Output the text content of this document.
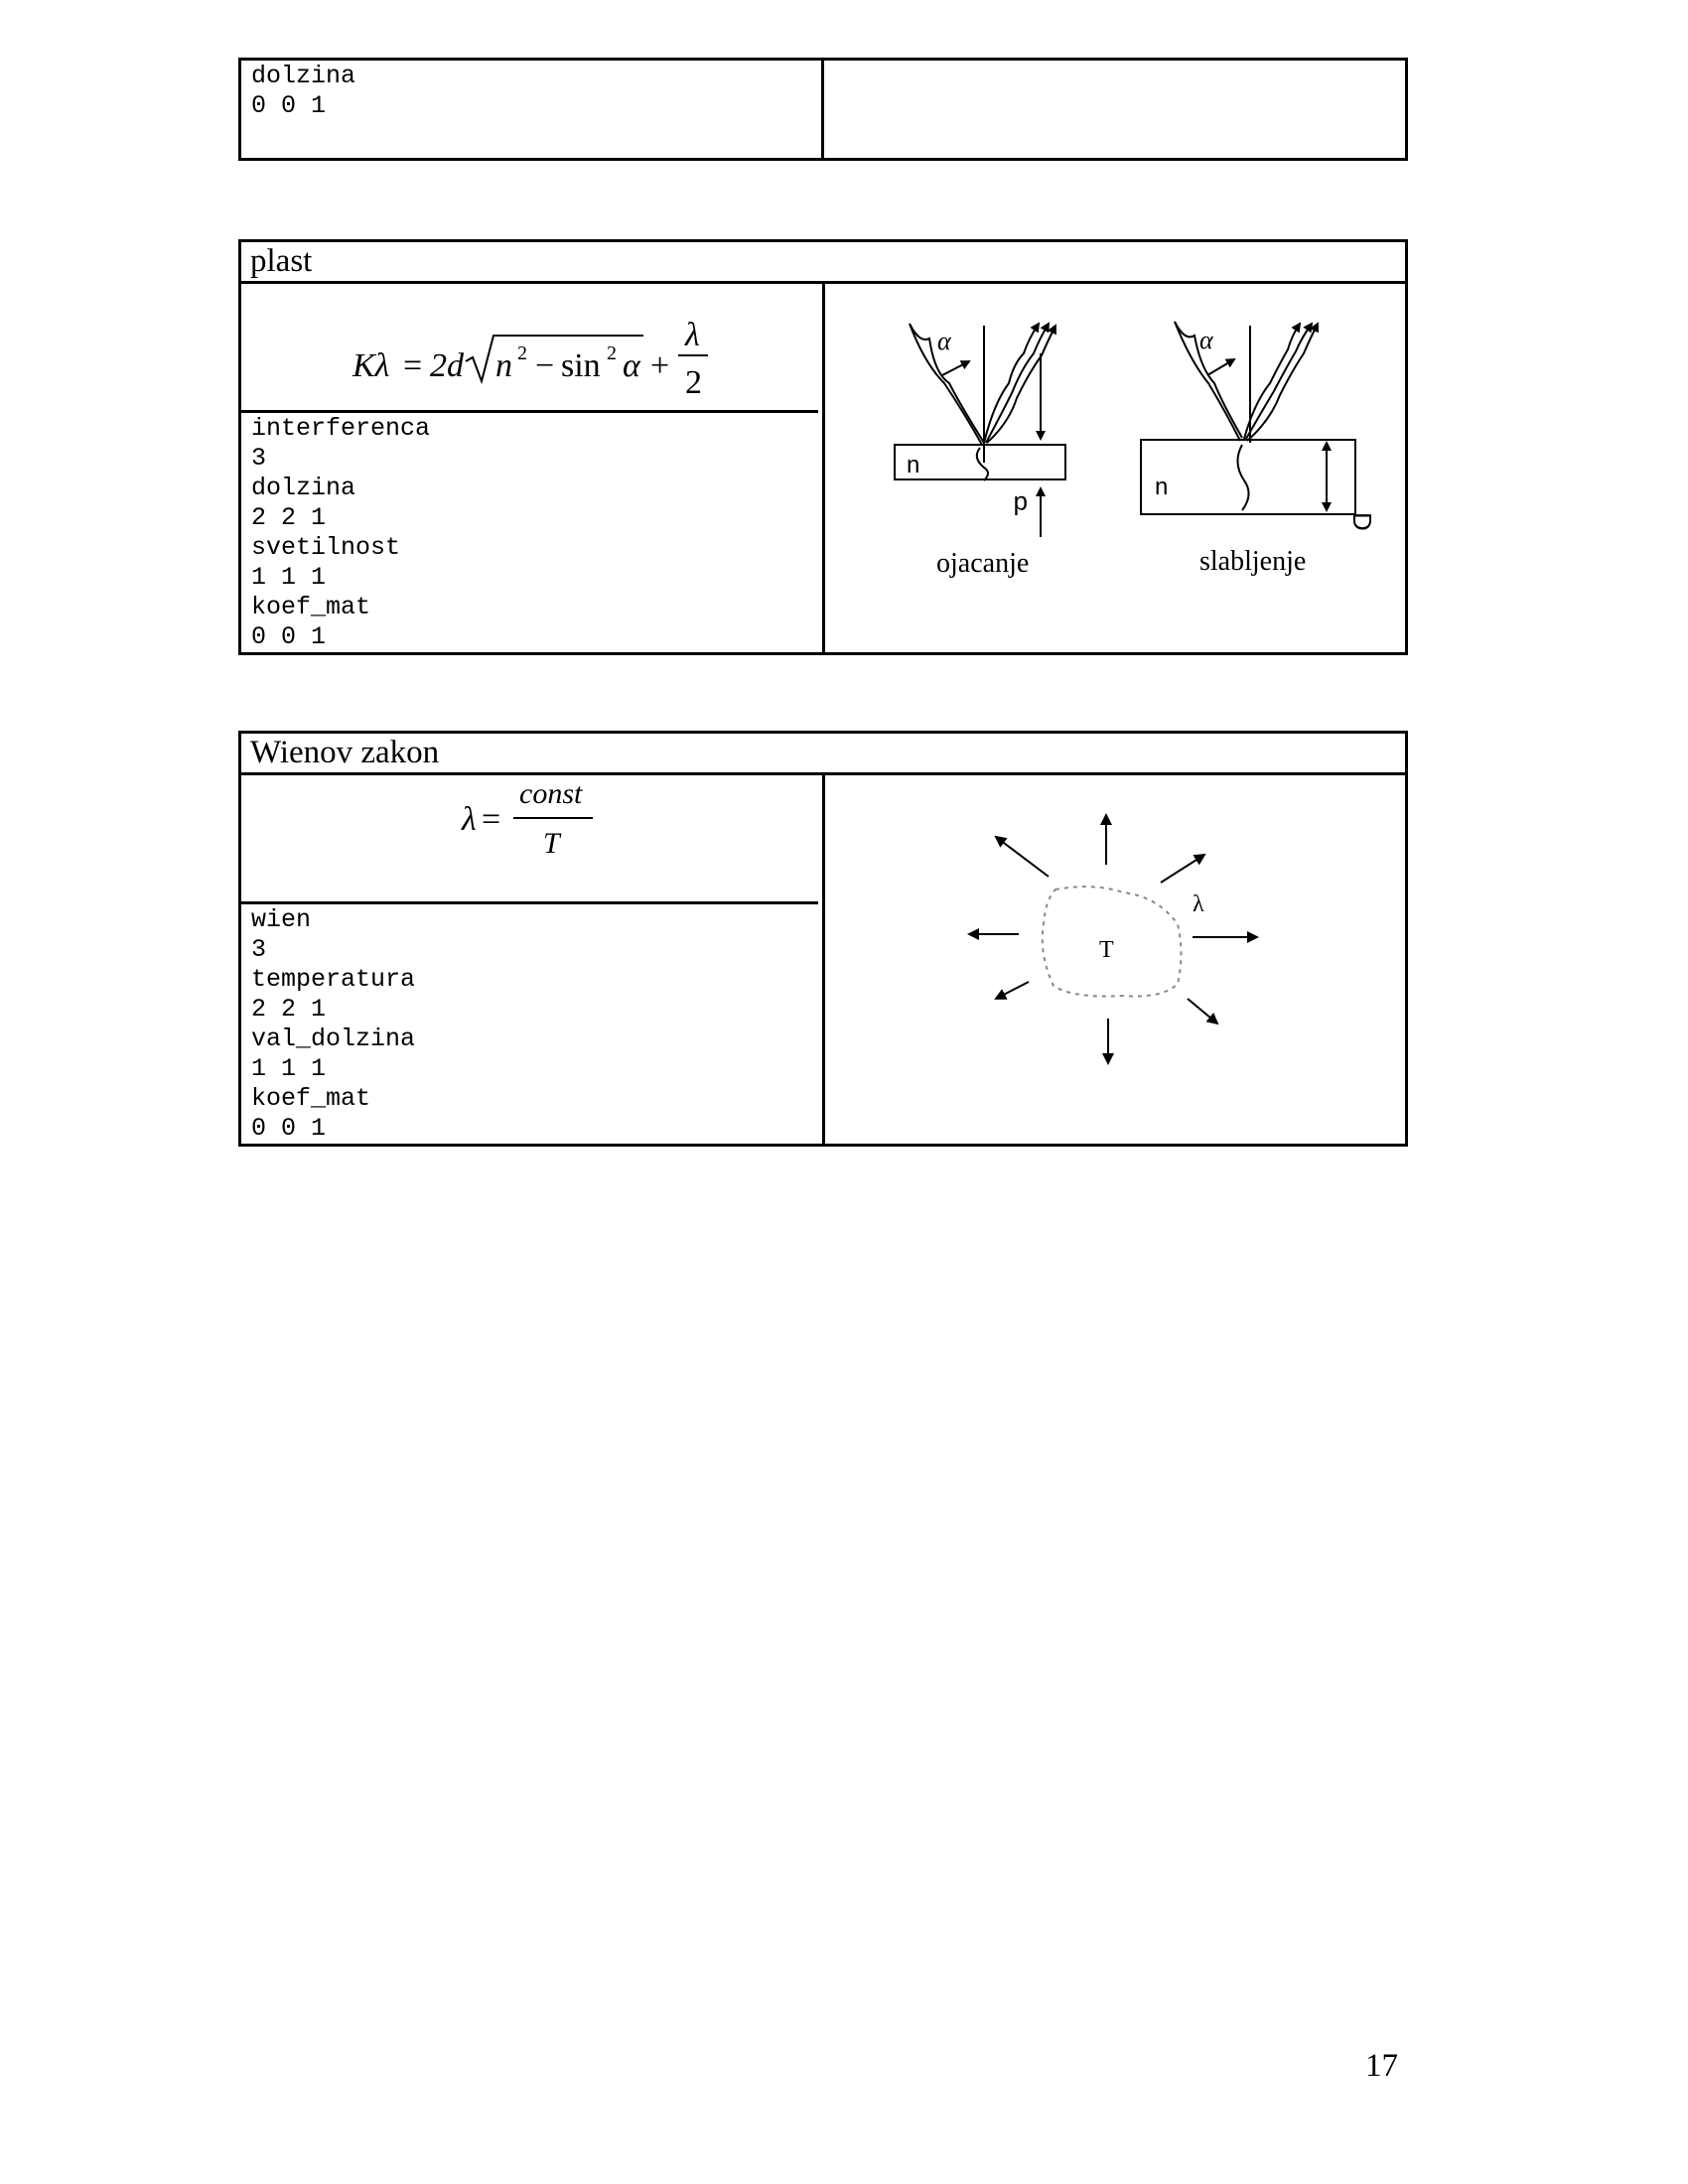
dolzina
0 0 1

plast

Kλ = 2d n 2 − sin 2 α +
λ
2
interferenca
3
dolzina
2 2 1
svetilnost
1 1 1
koef_mat
0 0 1

α
n
d
ojacanje
α
n
D
slabljenje
Wienov zakon

λ =
const
T
wien
3
temperatura
2 2 1
val_dolzina
1 1 1
koef_mat
0 0 1

λ
T
17
